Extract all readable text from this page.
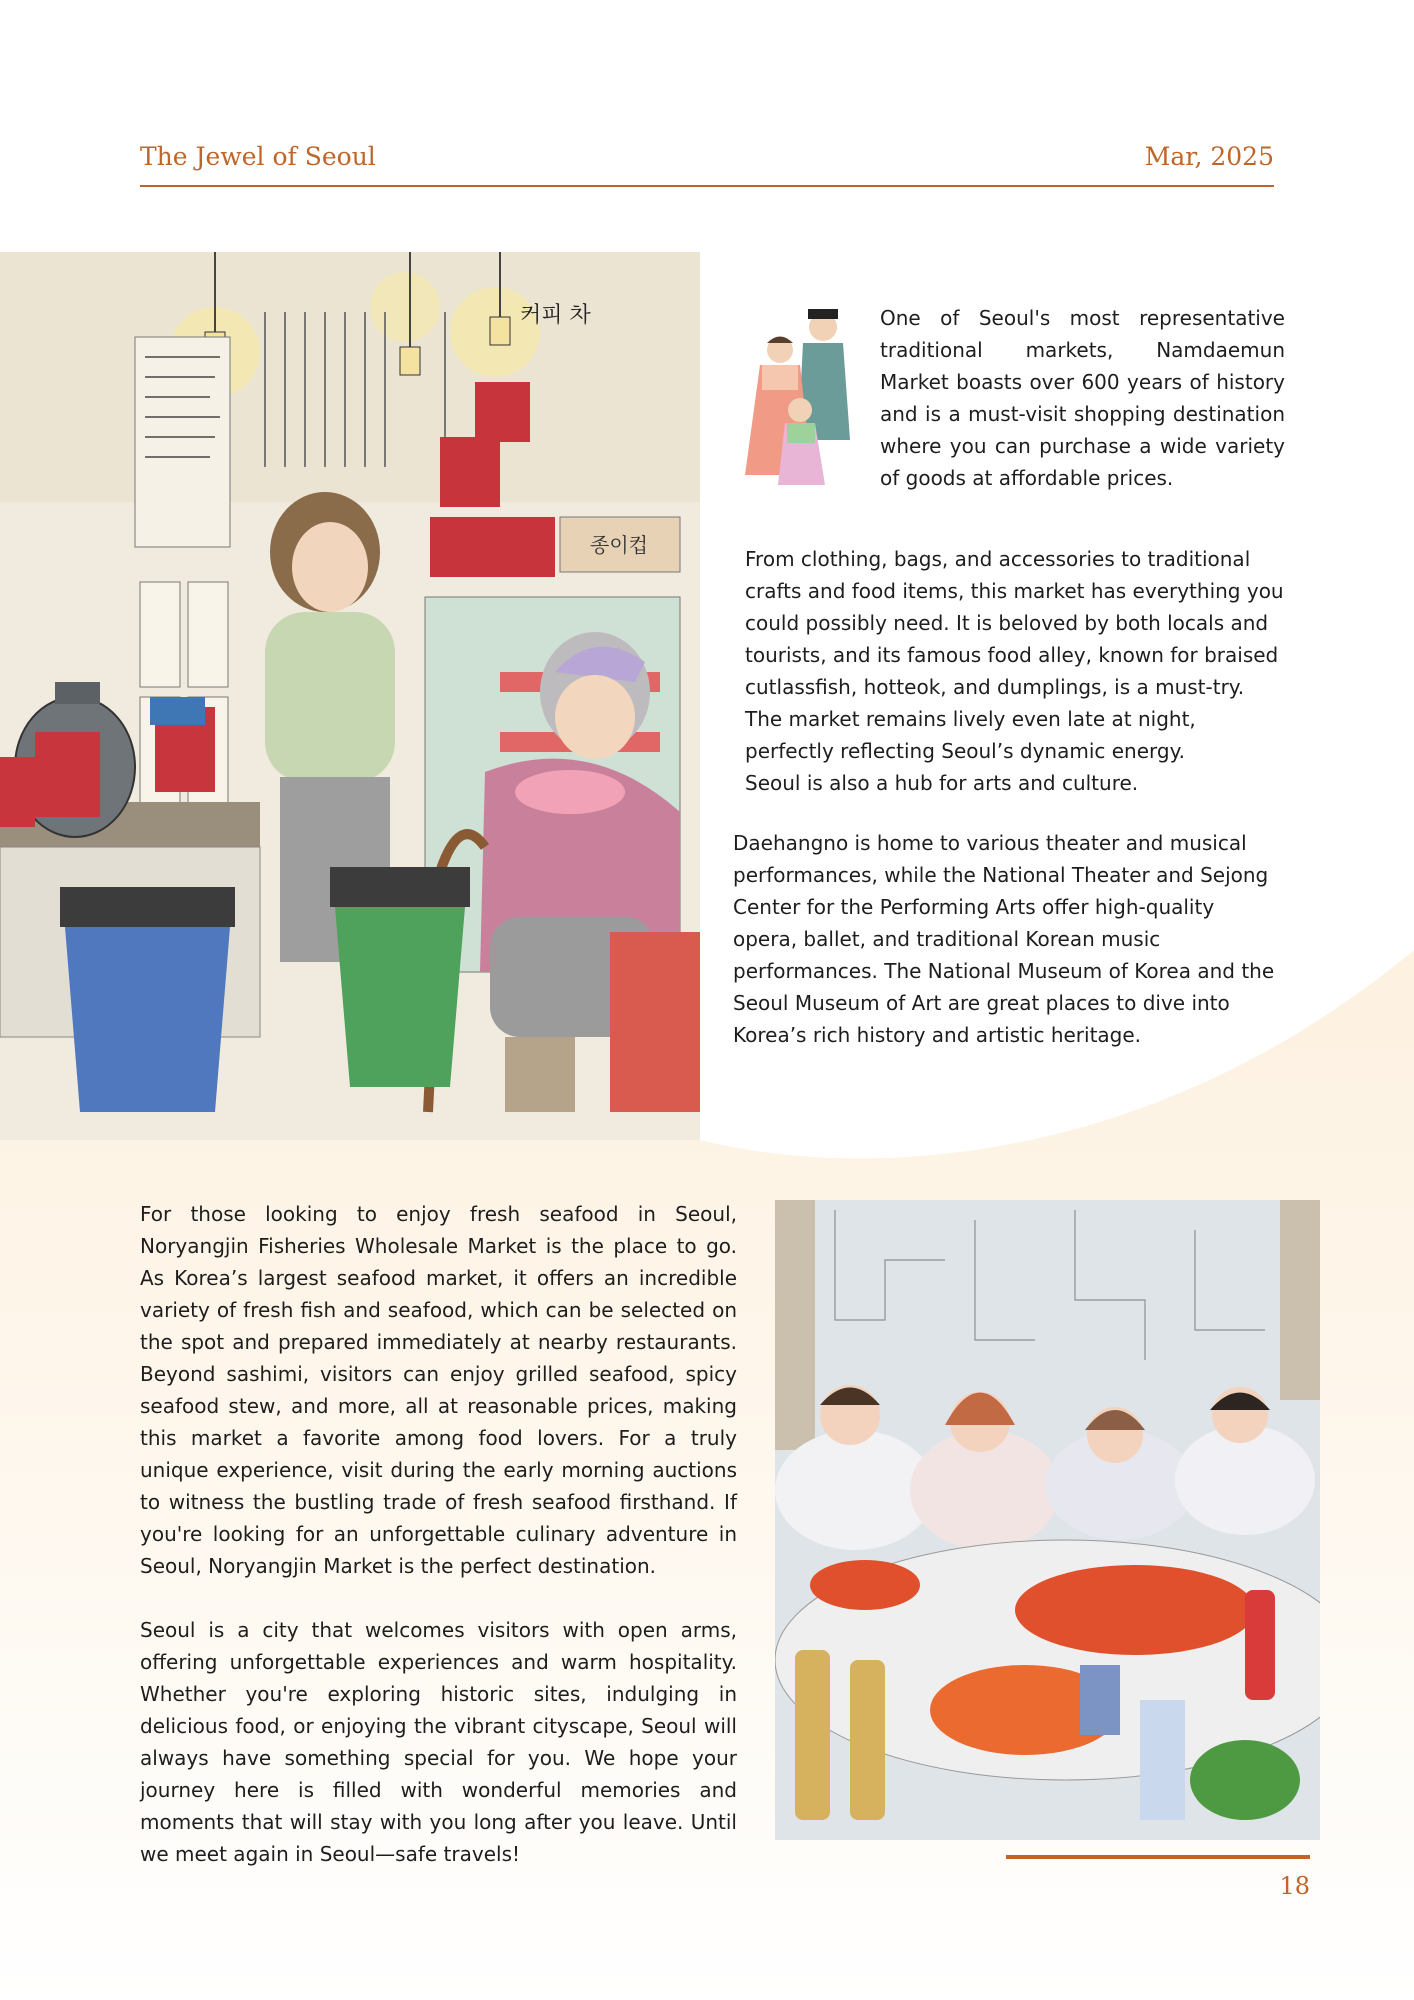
The Jewel of Seoul	Mar, 2025
커피 차
종이컵

One of Seoul's most representative traditional markets, Namdaemun Market boasts over 600 years of history and is a must-visit shopping destination where you can purchase a wide variety of goods at affordable prices.

From clothing, bags, and accessories to traditional
crafts and food items, this market has everything you
could possibly need. It is beloved by both locals and
tourists, and its famous food alley, known for braised
cutlassfish, hotteok, and dumplings, is a must-try.
The market remains lively even late at night,
perfectly reflecting Seoul’s dynamic energy.
Seoul is also a hub for arts and culture.
Daehangno is home to various theater and musical
performances, while the National Theater and Sejong
Center for the Performing Arts offer high-quality
opera, ballet, and traditional Korean music
performances. The National Museum of Korea and the
Seoul Museum of Art are great places to dive into
Korea’s rich history and artistic heritage.

For those looking to enjoy fresh seafood in Seoul, Noryangjin Fisheries Wholesale Market is the place to go. As Korea’s largest seafood market, it offers an incredible variety of fresh fish and seafood, which can be selected on the spot and prepared immediately at nearby restaurants. Beyond sashimi, visitors can enjoy grilled seafood, spicy seafood stew, and more, all at reasonable prices, making this market a favorite among food lovers. For a truly unique experience, visit during the early morning auctions to witness the bustling trade of fresh seafood firsthand. If you're looking for an unforgettable culinary adventure in Seoul, Noryangjin Market is the perfect destination.

Seoul is a city that welcomes visitors with open arms, offering unforgettable experiences and warm hospitality. Whether you're exploring historic sites, indulging in delicious food, or enjoying the vibrant cityscape, Seoul will always have something special for you. We hope your journey here is filled with wonderful memories and moments that will stay with you long after you leave. Until we meet again in Seoul—safe travels!

18
